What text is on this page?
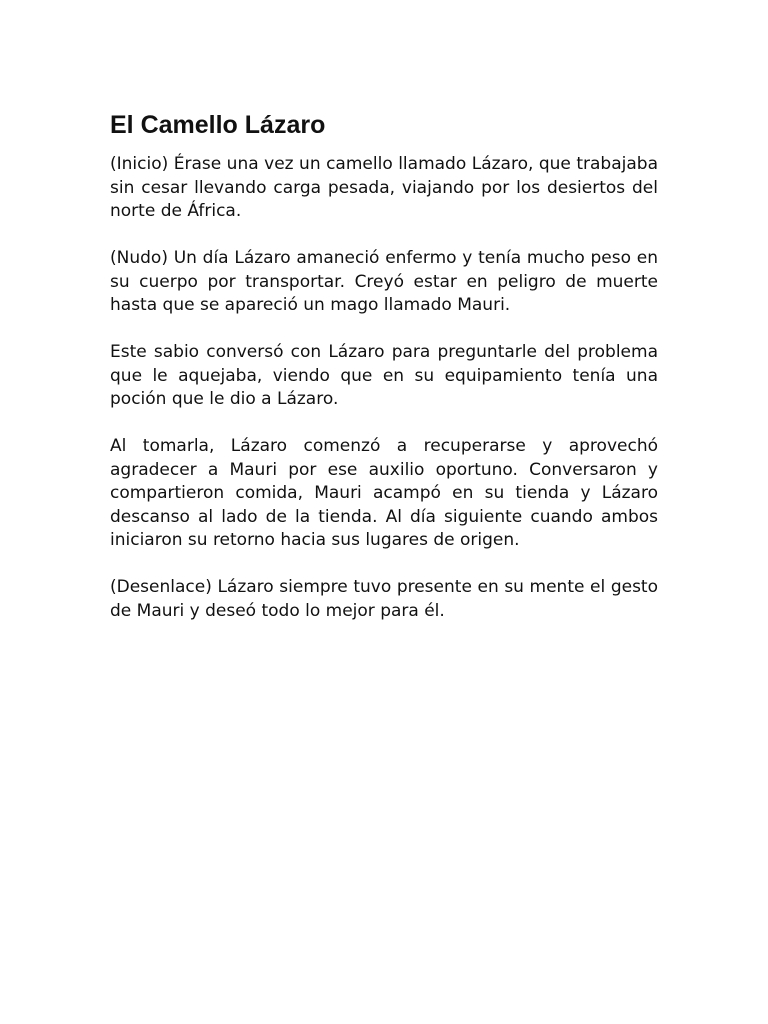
El Camello Lázaro

(Inicio) Érase una vez un camello llamado Lázaro, que trabajaba sin cesar llevando carga pesada, viajando por los desiertos del norte de África.

(Nudo) Un día Lázaro amaneció enfermo y tenía mucho peso en su cuerpo por transportar. Creyó estar en peligro de muerte hasta que se apareció un mago llamado Mauri.

Este sabio conversó con Lázaro para preguntarle del problema que le aquejaba, viendo que en su equipamiento tenía una poción que le dio a Lázaro.

Al tomarla, Lázaro comenzó a recuperarse y aprovechó agradecer a Mauri por ese auxilio oportuno. Conversaron y compartieron comida, Mauri acampó en su tienda y Lázaro descanso al lado de la tienda. Al día siguiente cuando ambos iniciaron su retorno hacia sus lugares de origen.

(Desenlace) Lázaro siempre tuvo presente en su mente el gesto de Mauri y deseó todo lo mejor para él.
